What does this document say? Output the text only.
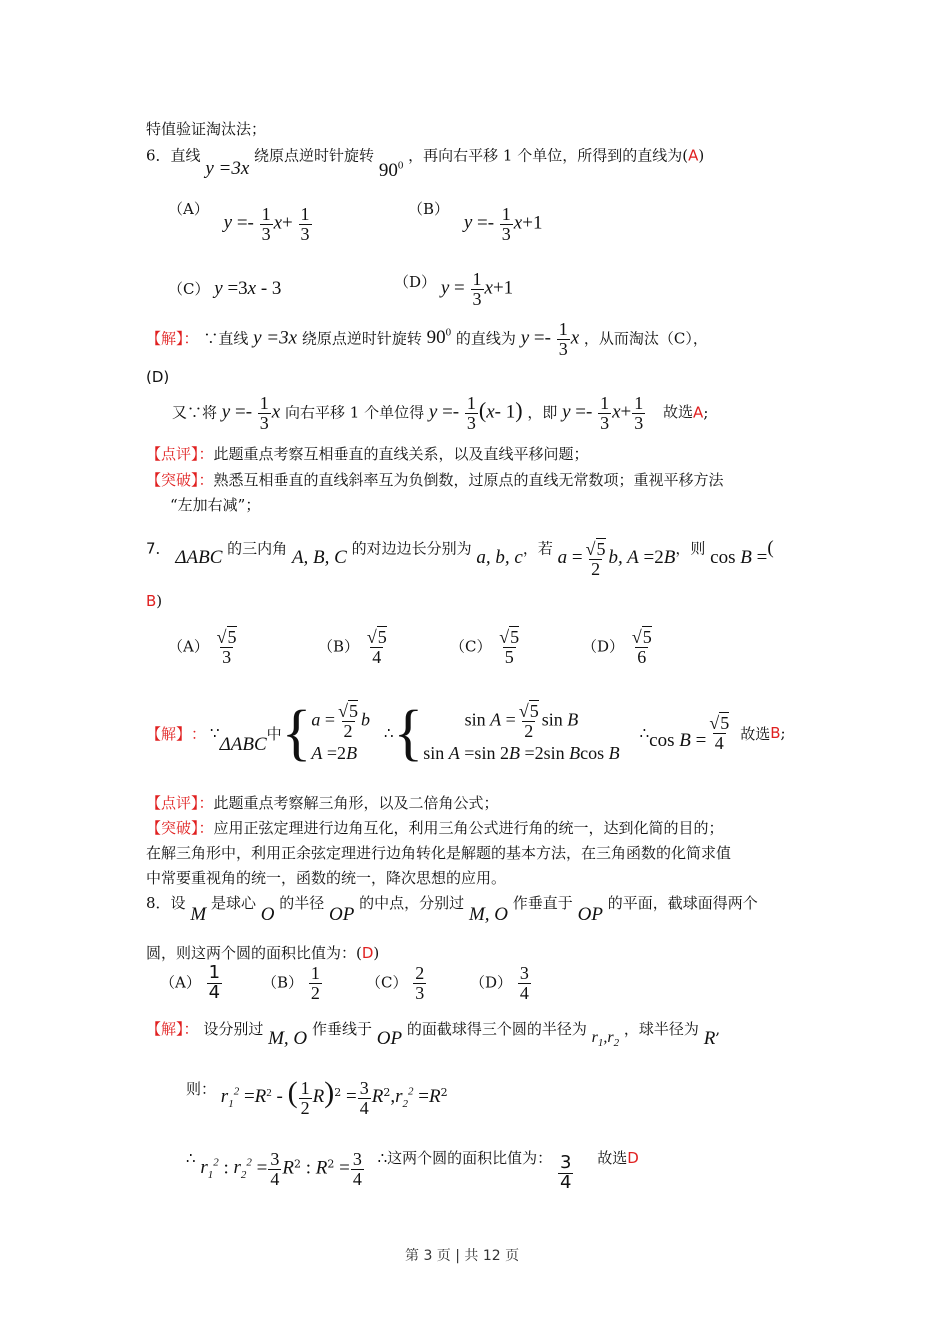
特值验证淘汰法；
6．直线 y =3x 绕原点逆时针旋转 $90^0$ ，再向右平移 1 个单位，所得到的直线为(A)
（A） $y =- \frac{1}{3} x+ \frac{1}{3}$	（B） $y =- \frac{1}{3} x+1$
（C） y =3x - 3	（D） $y = \frac{1}{3} x+1$
【解】： ∵直线 y =3x 绕原点逆时针旋转 $90^0$ 的直线为 $y =- \frac{1}{3}$ x ，从而淘汰（C），
(D)
又∵将 $y =- \frac{1}{3}$ x 向右平移 1 个单位得 $y =- \frac{1}{3} (x-$ 1) ，即 $y =- \frac{1}{3} x+ \frac{1}{3}$ 故选A;
【点评】：此题重点考察互相垂直的直线关系，以及直线平移问题；
【突破】：熟悉互相垂直的直线斜率互为负倒数，过原点的直线无常数项；重视平移方法
“左加右减”；
7． ΔABC 的三内角 A, B, C 的对边边长分别为 a, b, c，若 $a = \frac{√5}{2} b$, A =2B，则 cos B =(
B)
$(A) \frac{√5}{3}$	$(B) \frac{√5}{4}$	$(C) \frac{√5}{5}$	$(D) \frac{√5}{6}$
【解】 ： ∵
ΔABC
中 { $a = \frac{√5}{2}$ b
A =2B
∴ { $\sin A = \frac{√5}{2}$ sin B
sin A =sin 2B =2sin Bcos B
∴ $\cos B = \frac{√5}{4}$ 故选 B ;
【点评】：此题重点考察解三角形，以及二倍角公式；
【突破】：应用正弦定理进行边角互化，利用三角公式进行角的统一，达到化简的目的；
在解三角形中，利用正余弦定理进行边角转化是解题的基本方法，在三角函数的化简求值
中常要重视角的统一，函数的统一，降次思想的应用。
8．设 M 是球心 O 的半径 OP 的中点，分别过 M, O 作垂直于 OP 的平面，截球面得两个
圆，则这两个圆的面积比值为：(D)
$(A) \frac{1}{4}$	$(B) \frac{1}{2}$	$(C) \frac{2}{3}$	$(D) \frac{3}{4}$
【解】： 设分别过 M, O 作垂线于 OP 的面截球得三个圆的半径为 $r_1,r_2$ ，球半径为 R,
则： $r_1^2 =R^2$ - ( $\frac{1}{2} R)^2 = \frac{3}{4} R^2,r_2^2 =R^2$
∴ $r_1^2$ : $r_2^2 = \frac{3}{4} R^2$ : $R^2 = \frac{3}{4}$ ∴这两个圆的面积比值为： $\frac{3}{4}$ 故选D
第 3 页 | 共 12 页
